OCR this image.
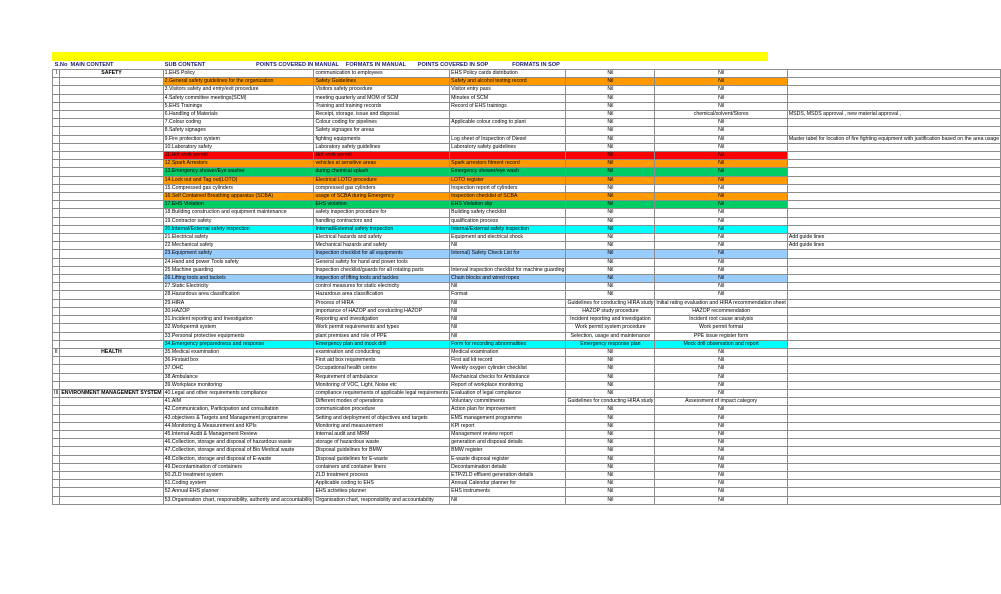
S.No MAIN CONTENT	SUB CONTENT	POINTS COVERED IN MANUAL	FORMATS IN MANUAL	POINTS COVERED IN SOP	FORMATS IN SOP
I	SAFETY	1.EHS Policy	communication to employees	EHS Policy cards distribution	Nil	Nil	
		2.General safety guidelines for the organization	Safety Guidelines	Safety and alcohol testing record	Nil	Nil	
		3.Visitors safety and entry/exit procedure	Visitors safety procedure	Visitor entry pass	Nil	Nil	
		4.Safety committee meetings(SCM)	meeting quarterly and MOM of SCM	Minutes of SCM	Nil	Nil	
		5.EHS Trainings	Training and training records	Record of EHS trainings	Nil	Nil	
		6.Handling of Materials	Receipt, storage, issue and disposal		Nil	chemical/solvent/Stores	MSDS, MSDS approval , new material approval ,
		7.Colour coding	Colour coding for pipelines	Applicable colour coding to plant	Nil	Nil	
		8.Safety signages	Safety signages for areas		Nil	Nil	
		9.Fire protection system	fighting equipments	Log sheet of Inspection of Diesel	Nil	Nil	Master tabel for location of fire fighting equipment with justification based on the area usage
		10.Laboratory safety	Laboratory safety guidelines	Laboratory safety guidelines	Nil	Nil	
		11.Hot work permit	Hot work permit		Nil	Nil	
		12.Spark Arrestors	vehicles at sensitive areas	Spark arrestors fitment record	Nil	Nil	
		13.Emergency shower/Eye washer	during chemical splash	Emergency shower/eye wash	Nil	Nil	
		14.Lock out and Tag out(LOTO)	Electrical LOTO procedure	LOTO register	Nil	Nil	
		15.Compressed gas cylinders	compressed gas cylinders	Inspection report of cylinders	Nil	Nil	
		16.Self Contained Breathing apparatus (SCBA)	usage of SCBA during Emergency	Inspection checklist of SCBA	Nil	Nil	
		17.EHS Violation	EHS violation	EHS Violation slip	Nil	Nil	
		18.Building construction and equipment maintenance	safety inspection procedure for	Building safety checklist	Nil	Nil	
		19.Contractor safety	handling contractors and	qualification process	Nil	Nil	
		20.Internal/External safety inspection	Internal/External safety inspection	Internal/External safety inspection	Nil	Nil	
		21.Electrical safety	Electrical hazards and safety	Equipment and electrical shock	Nil	Nil	Add guide lines
		22.Mechanical safety	Mechanical hazards and safety	Nil	Nil	Nil	Add guide lines
		23.Equipment safety	Inspection checklist for all equipments	Internal) Safety Check List for	Nil	Nil	
		24.Hand and power Tools safety	General safety for hand and power tools		Nil	Nil	
		25.Machine guarding	Inspection checklist/guards for all rotating parts	Interval inspection checklist for machine guarding	Nil	Nil	
		26.Lifting tools and tackels	Inspection of lifting tools and tackles	Chain blocks and wired ropes	Nil	Nil	
		27.Static Electricity	control measures for static electricity	Nil	Nil	Nil	
		28.Hazardous area classification	Hazardous area classification	Format	Nil	Nil	
		29.HIRA	Process of HIRA	Nil	Guidelines for conducting HIRA study	Initial rating evaluation and HIRA recommendation sheet	
		30.HAZOP	importance of HAZOP and conducting HAZOP	Nil	HAZOP study procedure	HAZOP recommendation	
		31.Incident reporting and Investigation	Reporting and investigation	Nil	Incident reporting and investigation	Incident root cause analysis	
		32.Workpermit system	Work permit requirements and types	Nil	Work permit system procedure	Work permit format	
		33.Personal protective equipments	plant premises and role of PPE	Nil	Selection, usage and maintenance	PPE issue register form	
		34.Emergency preparedness and response	Emergency plan and mock drill	Form for recording abnormalities	Emergency response plan	Mock drill observation and report	
II	HEALTH	35.Medical examination	examination and conducting	Medical examination	Nil	Nil	
		36.Firstaid box	First aid box requirements	First aid kit record	Nil	Nil	
		37.OHC	Occupational health centre	Weekly oxygen cylinder checklist	Nil	Nil	
		38.Ambulance	Requirement of ambulance	Mechanical checks for Ambulance	Nil	Nil	
		39.Workplace monitoring	Monitoring of VOC, Light, Noise etc	Report of workplace monitoring	Nil	Nil	
III	ENVIRONMENT MANAGEMENT SYSTEM	40.Legal and other requirements compliance	compliance requirements of applicable legal requirements	Evaluation of legal compliance	Nil	Nil	
		41.AIM	Different modes of operations	Voluntary commitments	Guidelines for conducting HIRA study	Assessment of impact category	
		42.Communication, Participation and consultation	communication procedure	Action plan for improvement	Nil	Nil	
		43.objectives & Targets and Management programme	Setting and deployment of objectives and targets	EMS management programme	Nil	Nil	
		44.Monitoring & Measurement and KPIs	Monitoring and measurement	KPI report	Nil	Nil	
		45.Internal Audit & Management Review	Internal audit and MRM	Management review report	Nil	Nil	
		46.Collection, storage and disposal of hazardous waste	storage of hazardous waste	generation and disposal details	Nil	Nil	
		47.Collection, storage and disposal of Bio Medical waste	Disposal guidelines for BMW	BMW register	Nil	Nil	
		48.Collection, storage and disposal of E-waste	Disposal guidelines for E-waste	E-waste disposal register	Nil	Nil	
		49.Decontamination of containers	containers and container liners	Decontamination details	Nil	Nil	
		50.ZLD treatment system	ZLD treatment process	ETP/ZLD effluent generation details	Nil	Nil	
		51.Coding system	Applicable coding to EHS	Annual Calendar planner for	Nil	Nil	
		52.Annual EHS planner	EHS activities planner	EHS instruments	Nil	Nil	
		53.Organisation chart, responsibility, authority and accountability	Organisation chart, responsibility and accountability	Nil	Nil	Nil	
